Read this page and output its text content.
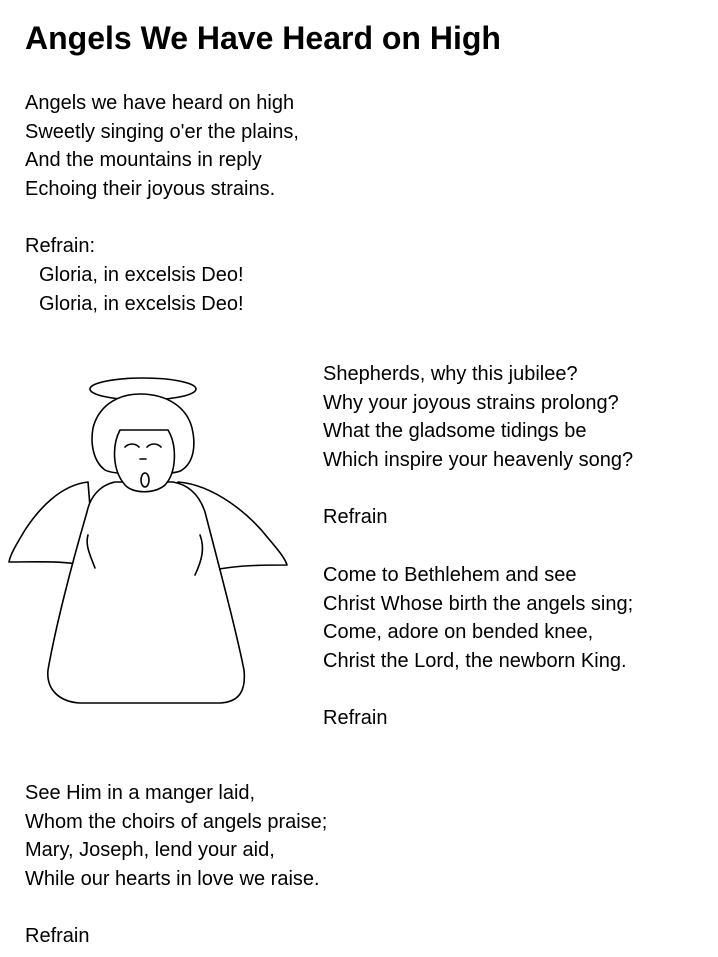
Angels We Have Heard on High
Angels we have heard on high
Sweetly singing o'er the plains,
And the mountains in reply
Echoing their joyous strains.
Refrain:
Gloria, in excelsis Deo!
Gloria, in excelsis Deo!
Shepherds, why this jubilee?
Why your joyous strains prolong?
What the gladsome tidings be
Which inspire your heavenly song?
Refrain
Come to Bethlehem and see
Christ Whose birth the angels sing;
Come, adore on bended knee,
Christ the Lord, the newborn King.
Refrain
See Him in a manger laid,
Whom the choirs of angels praise;
Mary, Joseph, lend your aid,
While our hearts in love we raise.
Refrain
